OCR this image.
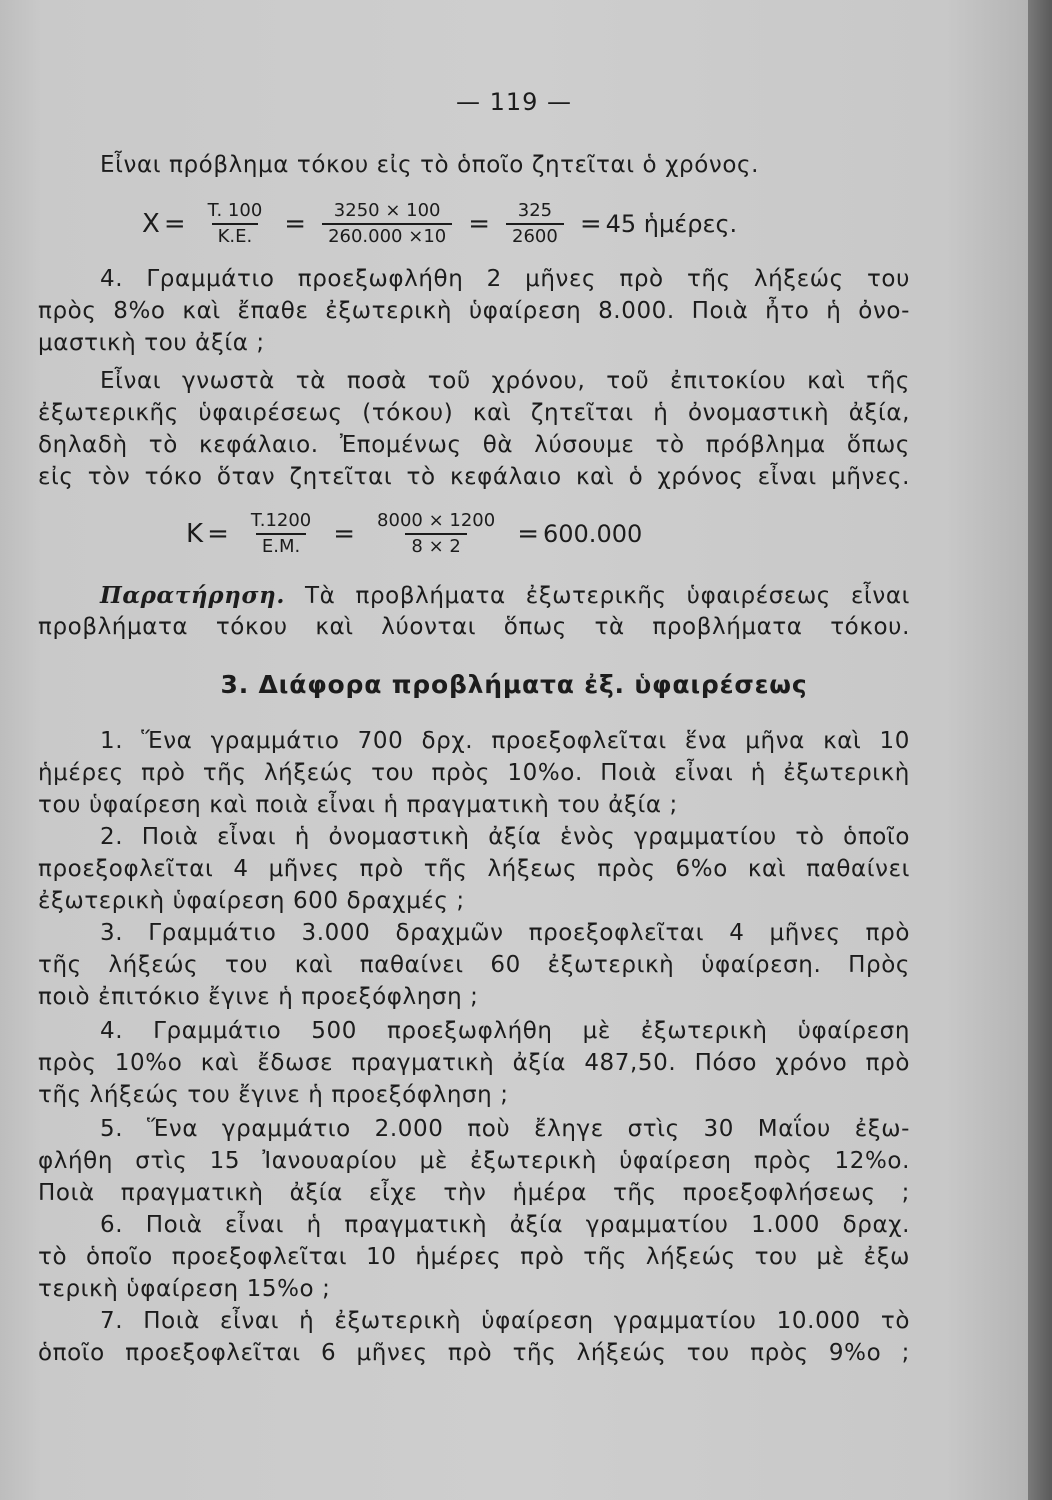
— 119 —
Εἶναι πρόβλημα τόκου εἰς τὸ ὁποῖο ζητεῖται ὁ χρόνος.
$X = \frac{T. 100}{K.E.} = \frac{3250 \times 100}{260.000 \times 10} = \frac{325}{2600} = 45$ ἡμέρες.
4. Γραμμάτιο προεξωφλήθη 2 μῆνες πρὸ τῆς λήξεώς του
πρὸς 8%ο καὶ ἔπαθε ἐξωτερικὴ ὑφαίρεση 8.000. Ποιὰ ἦτο ἡ ὀνο-
μαστικὴ του ἀξία ;
Εἶναι γνωστὰ τὰ ποσὰ τοῦ χρόνου, τοῦ ἐπιτοκίου καὶ τῆς
ἐξωτερικῆς ὑφαιρέσεως (τόκου) καὶ ζητεῖται ἡ ὀνομαστικὴ ἀξία,
δηλαδὴ τὸ κεφάλαιο. Ἐπομένως θὰ λύσουμε τὸ πρόβλημα ὅπως
εἰς τὸν τόκο ὅταν ζητεῖται τὸ κεφάλαιο καὶ ὁ χρόνος εἶναι μῆνες.
$K = \frac{T.1200}{E.M.} = \frac{8000 \times 1200}{8 \times 2} = 600.000$
Παρατήρηση. Τὰ προβλήματα ἐξωτερικῆς ὑφαιρέσεως εἶναι
προβλήματα τόκου καὶ λύονται ὅπως τὰ προβλήματα τόκου.
3. Διάφορα προβλήματα ἐξ. ὑφαιρέσεως
1. Ἕνα γραμμάτιο 700 δρχ. προεξοφλεῖται ἕνα μῆνα καὶ 10
ἡμέρες πρὸ τῆς λήξεώς του πρὸς 10%ο. Ποιὰ εἶναι ἡ ἐξωτερικὴ
του ὑφαίρεση καὶ ποιὰ εἶναι ἡ πραγματικὴ του ἀξία ;
2. Ποιὰ εἶναι ἡ ὀνομαστικὴ ἀξία ἑνὸς γραμματίου τὸ ὁποῖο
προεξοφλεῖται 4 μῆνες πρὸ τῆς λήξεως πρὸς 6%ο καὶ παθαίνει
ἐξωτερικὴ ὑφαίρεση 600 δραχμές ;
3. Γραμμάτιο 3.000 δραχμῶν προεξοφλεῖται 4 μῆνες πρὸ
τῆς λήξεώς του καὶ παθαίνει 60 ἐξωτερικὴ ὑφαίρεση. Πρὸς
ποιὸ ἐπιτόκιο ἔγινε ἡ προεξόφληση ;
4. Γραμμάτιο 500 προεξωφλήθη μὲ ἐξωτερικὴ ὑφαίρεση
πρὸς 10%ο καὶ ἔδωσε πραγματικὴ ἀξία 487,50. Πόσο χρόνο πρὸ
τῆς λήξεώς του ἔγινε ἡ προεξόφληση ;
5. Ἕνα γραμμάτιο 2.000 ποὺ ἔληγε στὶς 30 Μαΐου ἐξω-
φλήθη στὶς 15 Ἰανουαρίου μὲ ἐξωτερικὴ ὑφαίρεση πρὸς 12%ο.
Ποιὰ πραγματικὴ ἀξία εἶχε τὴν ἡμέρα τῆς προεξοφλήσεως ;
6. Ποιὰ εἶναι ἡ πραγματικὴ ἀξία γραμματίου 1.000 δραχ.
τὸ ὁποῖο προεξοφλεῖται 10 ἡμέρες πρὸ τῆς λήξεώς του μὲ ἐξω
τερικὴ ὑφαίρεση 15%ο ;
7. Ποιὰ εἶναι ἡ ἐξωτερικὴ ὑφαίρεση γραμματίου 10.000 τὸ
ὁποῖο προεξοφλεῖται 6 μῆνες πρὸ τῆς λήξεώς του πρὸς 9%ο ;
